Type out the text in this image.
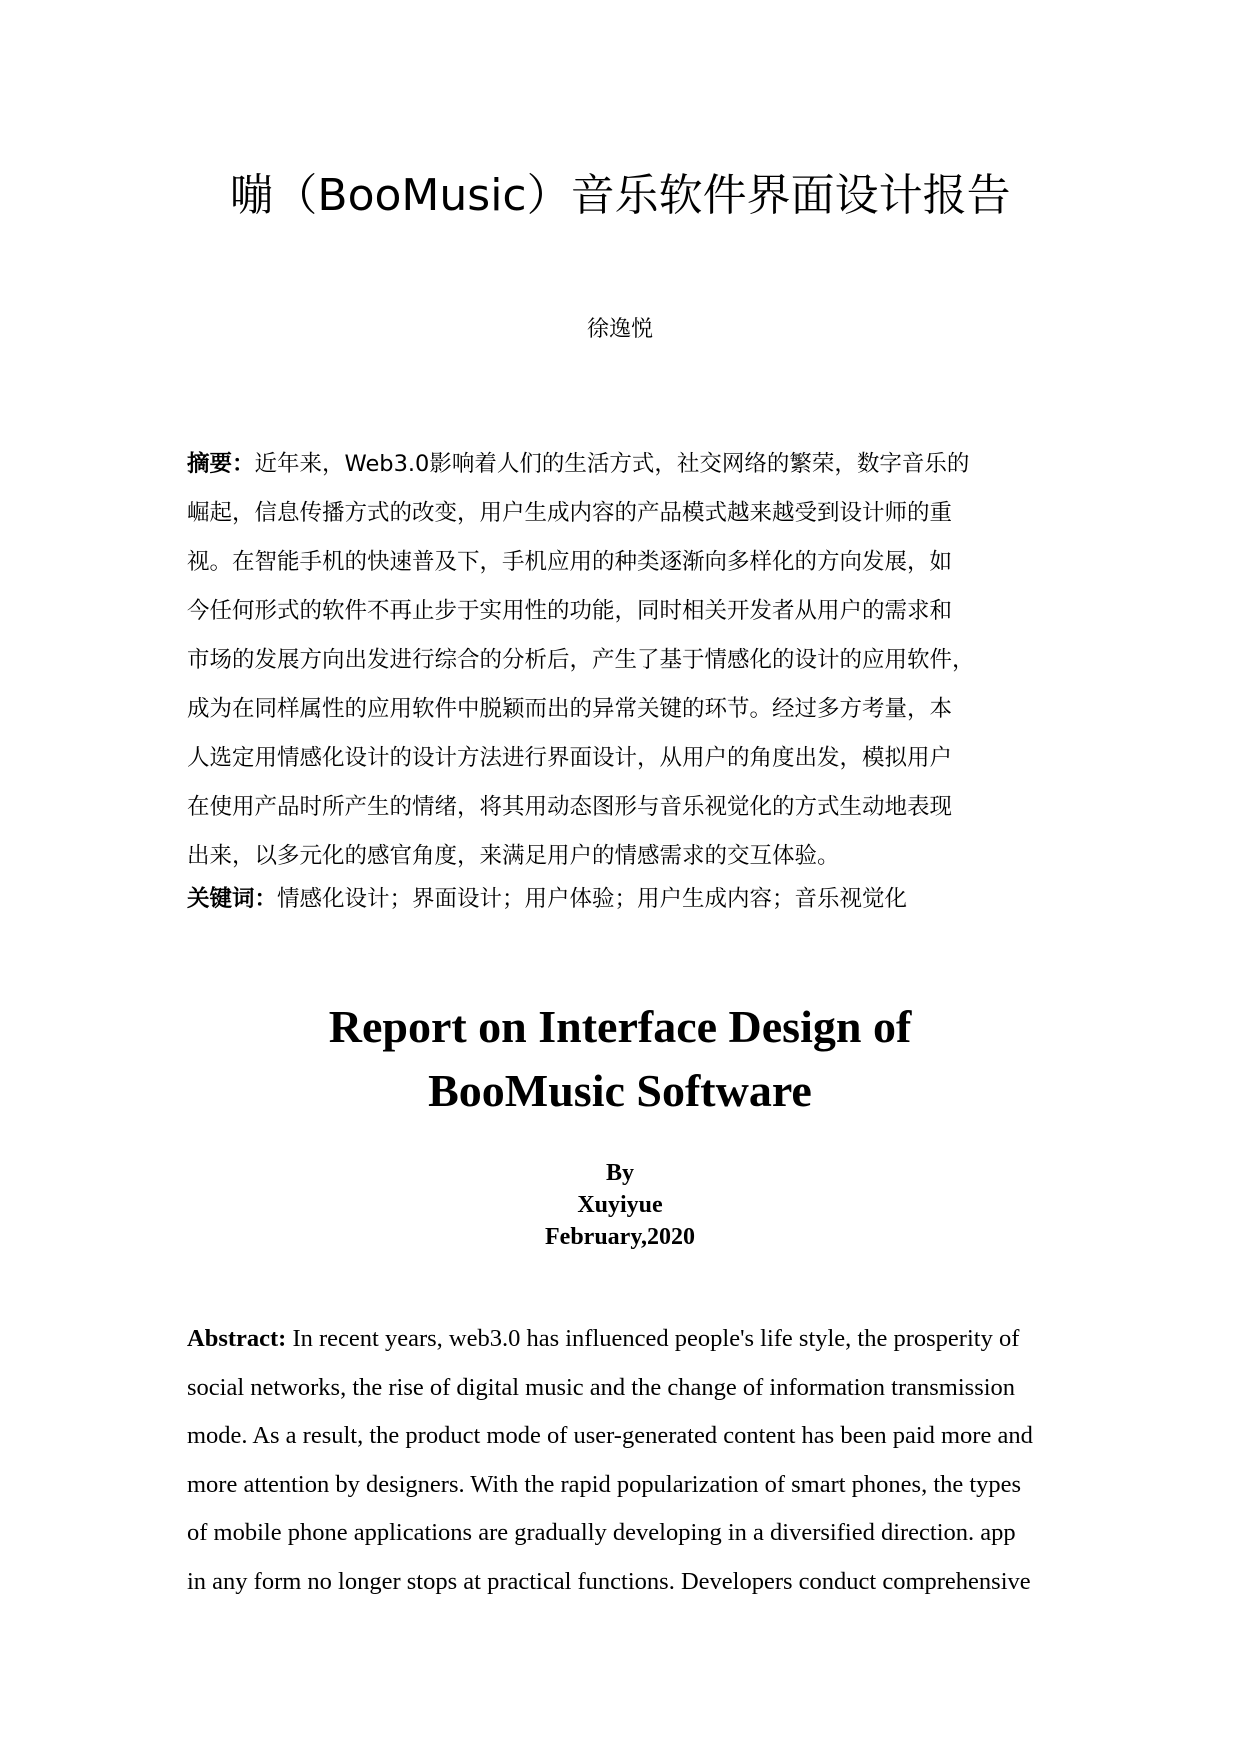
嘣（BooMusic）音乐软件界面设计报告

徐逸悦

摘要：近年来，Web3.0影响着人们的生活方式，社交网络的繁荣，数字音乐的
崛起，信息传播方式的改变，用户生成内容的产品模式越来越受到设计师的重
视。在智能手机的快速普及下，手机应用的种类逐渐向多样化的方向发展，如
今任何形式的软件不再止步于实用性的功能，同时相关开发者从用户的需求和
市场的发展方向出发进行综合的分析后，产生了基于情感化的设计的应用软件，
成为在同样属性的应用软件中脱颖而出的异常关键的环节。经过多方考量，本
人选定用情感化设计的设计方法进行界面设计，从用户的角度出发，模拟用户
在使用产品时所产生的情绪，将其用动态图形与音乐视觉化的方式生动地表现
出来，以多元化的感官角度，来满足用户的情感需求的交互体验。
关键词：情感化设计；界面设计；用户体验；用户生成内容；音乐视觉化
Report on Interface Design of
BooMusic Software
By
Xuyiyue
February,2020
Abstract: In recent years, web3.0 has influenced people's life style, the prosperity of
social networks, the rise of digital music and the change of information transmission
mode. As a result, the product mode of user-generated content has been paid more and
more attention by designers. With the rapid popularization of smart phones, the types
of mobile phone applications are gradually developing in a diversified direction. app
in any form no longer stops at practical functions. Developers conduct comprehensive
